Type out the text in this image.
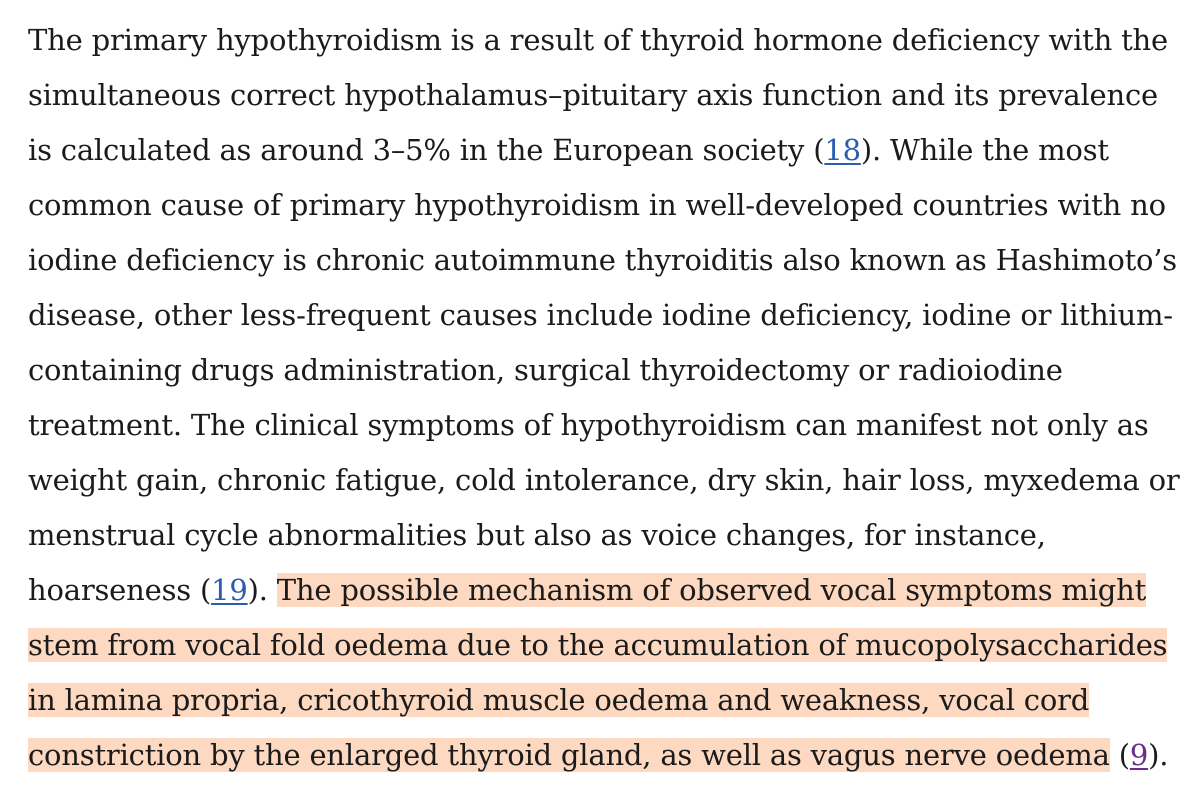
The primary hypothyroidism is a result of thyroid hormone deficiency with the
simultaneous correct hypothalamus–pituitary axis function and its prevalence
is calculated as around 3–5% in the European society (18). While the most
common cause of primary hypothyroidism in well-developed countries with no
iodine deficiency is chronic autoimmune thyroiditis also known as Hashimoto’s
disease, other less-frequent causes include iodine deficiency, iodine or lithium-
containing drugs administration, surgical thyroidectomy or radioiodine
treatment. The clinical symptoms of hypothyroidism can manifest not only as
weight gain, chronic fatigue, cold intolerance, dry skin, hair loss, myxedema or
menstrual cycle abnormalities but also as voice changes, for instance,
hoarseness (19). The possible mechanism of observed vocal symptoms might
stem from vocal fold oedema due to the accumulation of mucopolysaccharides
in lamina propria, cricothyroid muscle oedema and weakness, vocal cord
constriction by the enlarged thyroid gland, as well as vagus nerve oedema (9).
